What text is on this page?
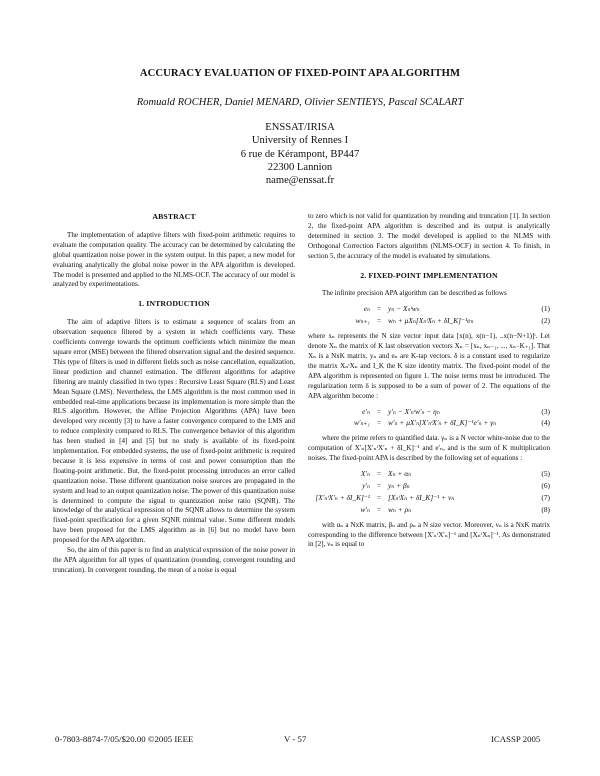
ACCURACY EVALUATION OF FIXED-POINT APA ALGORITHM
Romuald ROCHER, Daniel MENARD, Olivier SENTIEYS, Pascal SCALART
ENSSAT/IRISA
University of Rennes I
6 rue de Kérampont, BP447
22300 Lannion
name@enssat.fr
ABSTRACT

The implementation of adaptive filters with fixed-point arithmetic requires to evaluate the computation quality. The accuracy can be determined by calculating the global quantization noise power in the system output. In this paper, a new model for evaluating analytically the global noise power in the APA algorithm is developed. The model is presented and applied to the NLMS-OCF. The accuracy of our model is analyzed by experimentations.

1. INTRODUCTION

The aim of adaptive filters is to estimate a sequence of scalars from an observation sequence filtered by a system in which coefficients vary. These coefficients converge towards the optimum coefficients which minimize the mean square error (MSE) between the filtered observation signal and the desired sequence. This type of filters is used in different fields such as noise cancellation, equalization, linear prediction and channel estimation. The different algorithms for adaptive filtering are mainly classified in two types : Recursive Least Square (RLS) and Least Mean Square (LMS). Nevertheless, the LMS algorithm is the most common used in embedded real-time applications because its implementation is more simple than the RLS algorithm. However, the Affine Projection Algorithms (APA) have been developed very recently [3] to have a faster convergence compared to the LMS and to reduce complexity compared to RLS. The convergence behavior of this algorithm has been studied in [4] and [5] but no study is available of its fixed-point implementation. For embedded systems, the use of fixed-point arithmetic is required because it is less expensive in terms of cost and power consumption than the floating-point arithmetic. But, the fixed-point processing introduces an error called quantization noise. These different quantization noise sources are propagated in the system and lead to an output quantization noise. The power of this quantization noise is determined to compute the signal to quantization noise ratio (SQNR). The knowledge of the analytical expression of the SQNR allows to determine the system fixed-point specification for a given SQNR minimal value. Some different models have been proposed for the LMS algorithm as in [6] but no model have been proposed for the APA algorithm.

So, the aim of this paper is to find an analytical expression of the noise power in the APA algorithm for all types of quantization (rounding, convergent rounding and truncation). In convergent rounding, the mean of a noise is equal

to zero which is not valid for quantization by rounding and truncation [1]. In section 2, the fixed-point APA algorithm is described and its output is analytically determined in section 3. The model developed is applied to the NLMS with Orthogonal Correction Factors algorithm (NLMS-OCF) in section 4. To finish, in section 5, the accuracy of the model is evaluated by simulations.

2. FIXED-POINT IMPLEMENTATION

The infinite precision APA algorithm can be described as follows

eₙ = yₙ − Xₙᵗwₙ	(1)
wₙ₊₁ = wₙ + μXₙ[XₙᵗXₙ + δI_K]⁻¹eₙ	(2)

where xₙ represents the N size vector input data [x(n), x(n−1), ..x(n−N+1)]ᵗ. Let denote Xₙ the matrix of K last observation vectors Xₙ = [xₙ, xₙ₋₁, ..., xₙ₋K₊₁]. That Xₙ is a NxK matrix. yₙ and eₙ are K-tap vectors. δ is a constant used to regularize the matrix XₙᵗXₙ and I_K the K size identity matrix. The fixed-point model of the APA algorithm is represented on figure 1. The noise terms must be introduced. The regularization term δ is supposed to be a sum of power of 2. The equations of the APA algorithm become :

e′ₙ = y′ₙ − X′ₙᵗw′ₙ − ηₙ	(3)
w′ₙ₊₁ = w′ₙ + μX′ₙ[X′ₙᵗX′ₙ + δI_K]⁻¹e′ₙ + γₙ	(4)

where the prime refers to quantified data. γₙ is a N vector white-noise due to the computation of X′ₙ[X′ₙᵗX′ₙ + δI_K]⁻¹ and e′ₙ, and is the sum of K multiplication noises. The fixed-point APA is described by the following set of equations :

X′ₙ = Xₙ + αₙ	(5)
y′ₙ = yₙ + βₙ	(6)
[X′ₙᵗX′ₙ + δI_K]⁻¹ = [XₙᵗXₙ + δI_K]⁻¹ + νₙ	(7)
w′ₙ = wₙ + ρₙ	(8)

with αₙ a NxK matrix, βₙ and ρₙ a N size vector. Moreover, νₙ is a NxK matrix corresponding to the difference between [X′ₙᵗX′ₙ]⁻¹ and [XₙᵗXₙ]⁻¹. As demonstrated in [2], νₙ is equal to

0-7803-8874-7/05/$20.00 ©2005 IEEE	V - 57	ICASSP 2005
